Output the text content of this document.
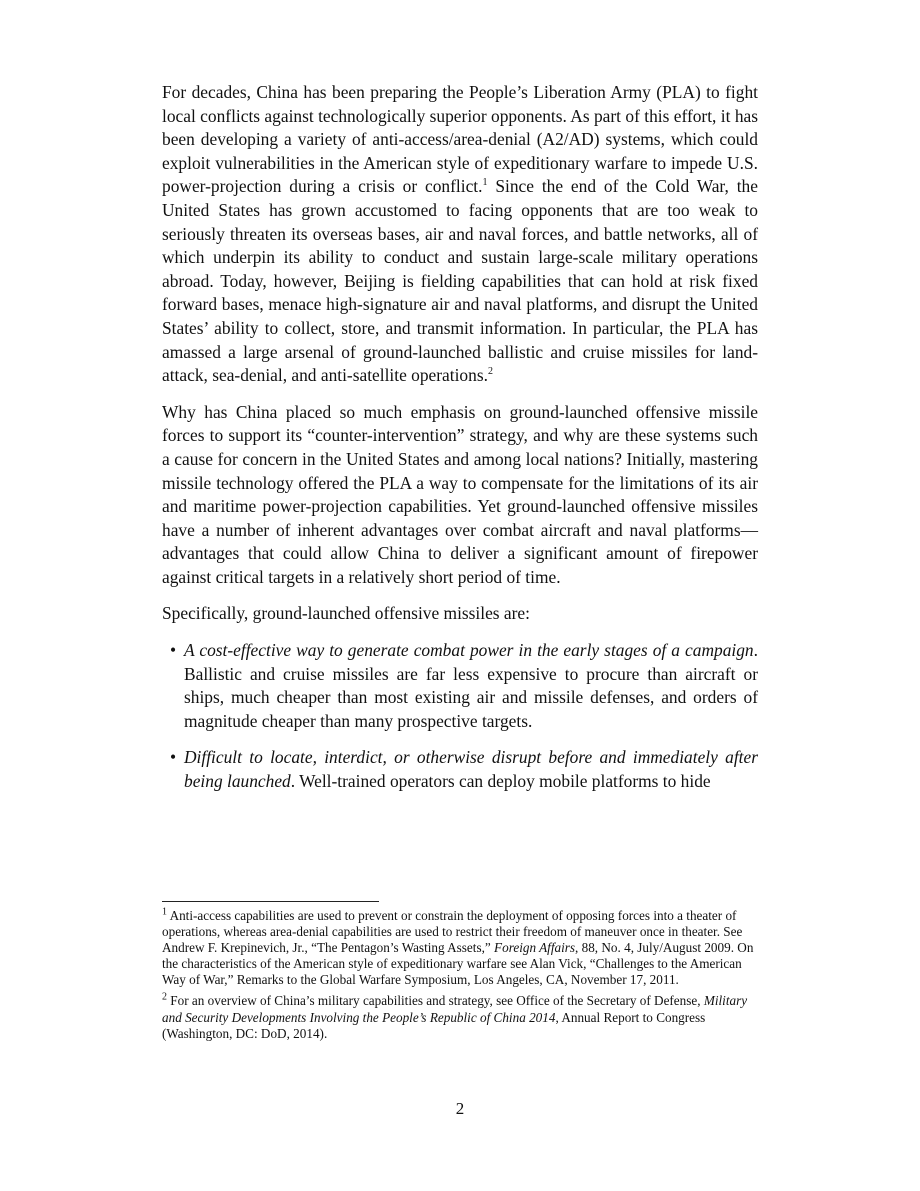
For decades, China has been preparing the People’s Liberation Army (PLA) to fight local conflicts against technologically superior opponents. As part of this effort, it has been developing a variety of anti-access/area-denial (A2/AD) systems, which could exploit vulnerabilities in the American style of expeditionary warfare to impede U.S. power-projection during a crisis or conflict.$^1$ Since the end of the Cold War, the United States has grown accustomed to facing opponents that are too weak to seriously threaten its overseas bases, air and naval forces, and battle networks, all of which underpin its ability to conduct and sustain large-scale military operations abroad. Today, however, Beijing is fielding capabilities that can hold at risk fixed forward bases, menace high-signature air and naval platforms, and disrupt the United States’ ability to collect, store, and transmit information. In particular, the PLA has amassed a large arsenal of ground-launched ballistic and cruise missiles for land-attack, sea-denial, and anti-satellite operations.$^2$

Why has China placed so much emphasis on ground-launched offensive missile forces to support its “counter-intervention” strategy, and why are these systems such a cause for concern in the United States and among local nations? Initially, mastering missile technology offered the PLA a way to compensate for the limitations of its air and maritime power-projection capabilities. Yet ground-launched offensive missiles have a number of inherent advantages over combat aircraft and naval platforms—advantages that could allow China to deliver a significant amount of firepower against critical targets in a relatively short period of time.

Specifically, ground-launched offensive missiles are:

• A cost-effective way to generate combat power in the early stages of a campaign. Ballistic and cruise missiles are far less expensive to procure than aircraft or ships, much cheaper than most existing air and missile defenses, and orders of magnitude cheaper than many prospective targets.
• Difficult to locate, interdict, or otherwise disrupt before and immediately after being launched. Well-trained operators can deploy mobile platforms to hide

$^1$ Anti-access capabilities are used to prevent or constrain the deployment of opposing forces into a theater of operations, whereas area-denial capabilities are used to restrict their freedom of maneuver once in theater. See Andrew F. Krepinevich, Jr., “The Pentagon’s Wasting Assets,” Foreign Affairs, 88, No. 4, July/August 2009. On the characteristics of the American style of expeditionary warfare see Alan Vick, “Challenges to the American Way of War,” Remarks to the Global Warfare Symposium, Los Angeles, CA, November 17, 2011.

$^2$ For an overview of China’s military capabilities and strategy, see Office of the Secretary of Defense, Military and Security Developments Involving the People’s Republic of China 2014, Annual Report to Congress (Washington, DC: DoD, 2014).

2
